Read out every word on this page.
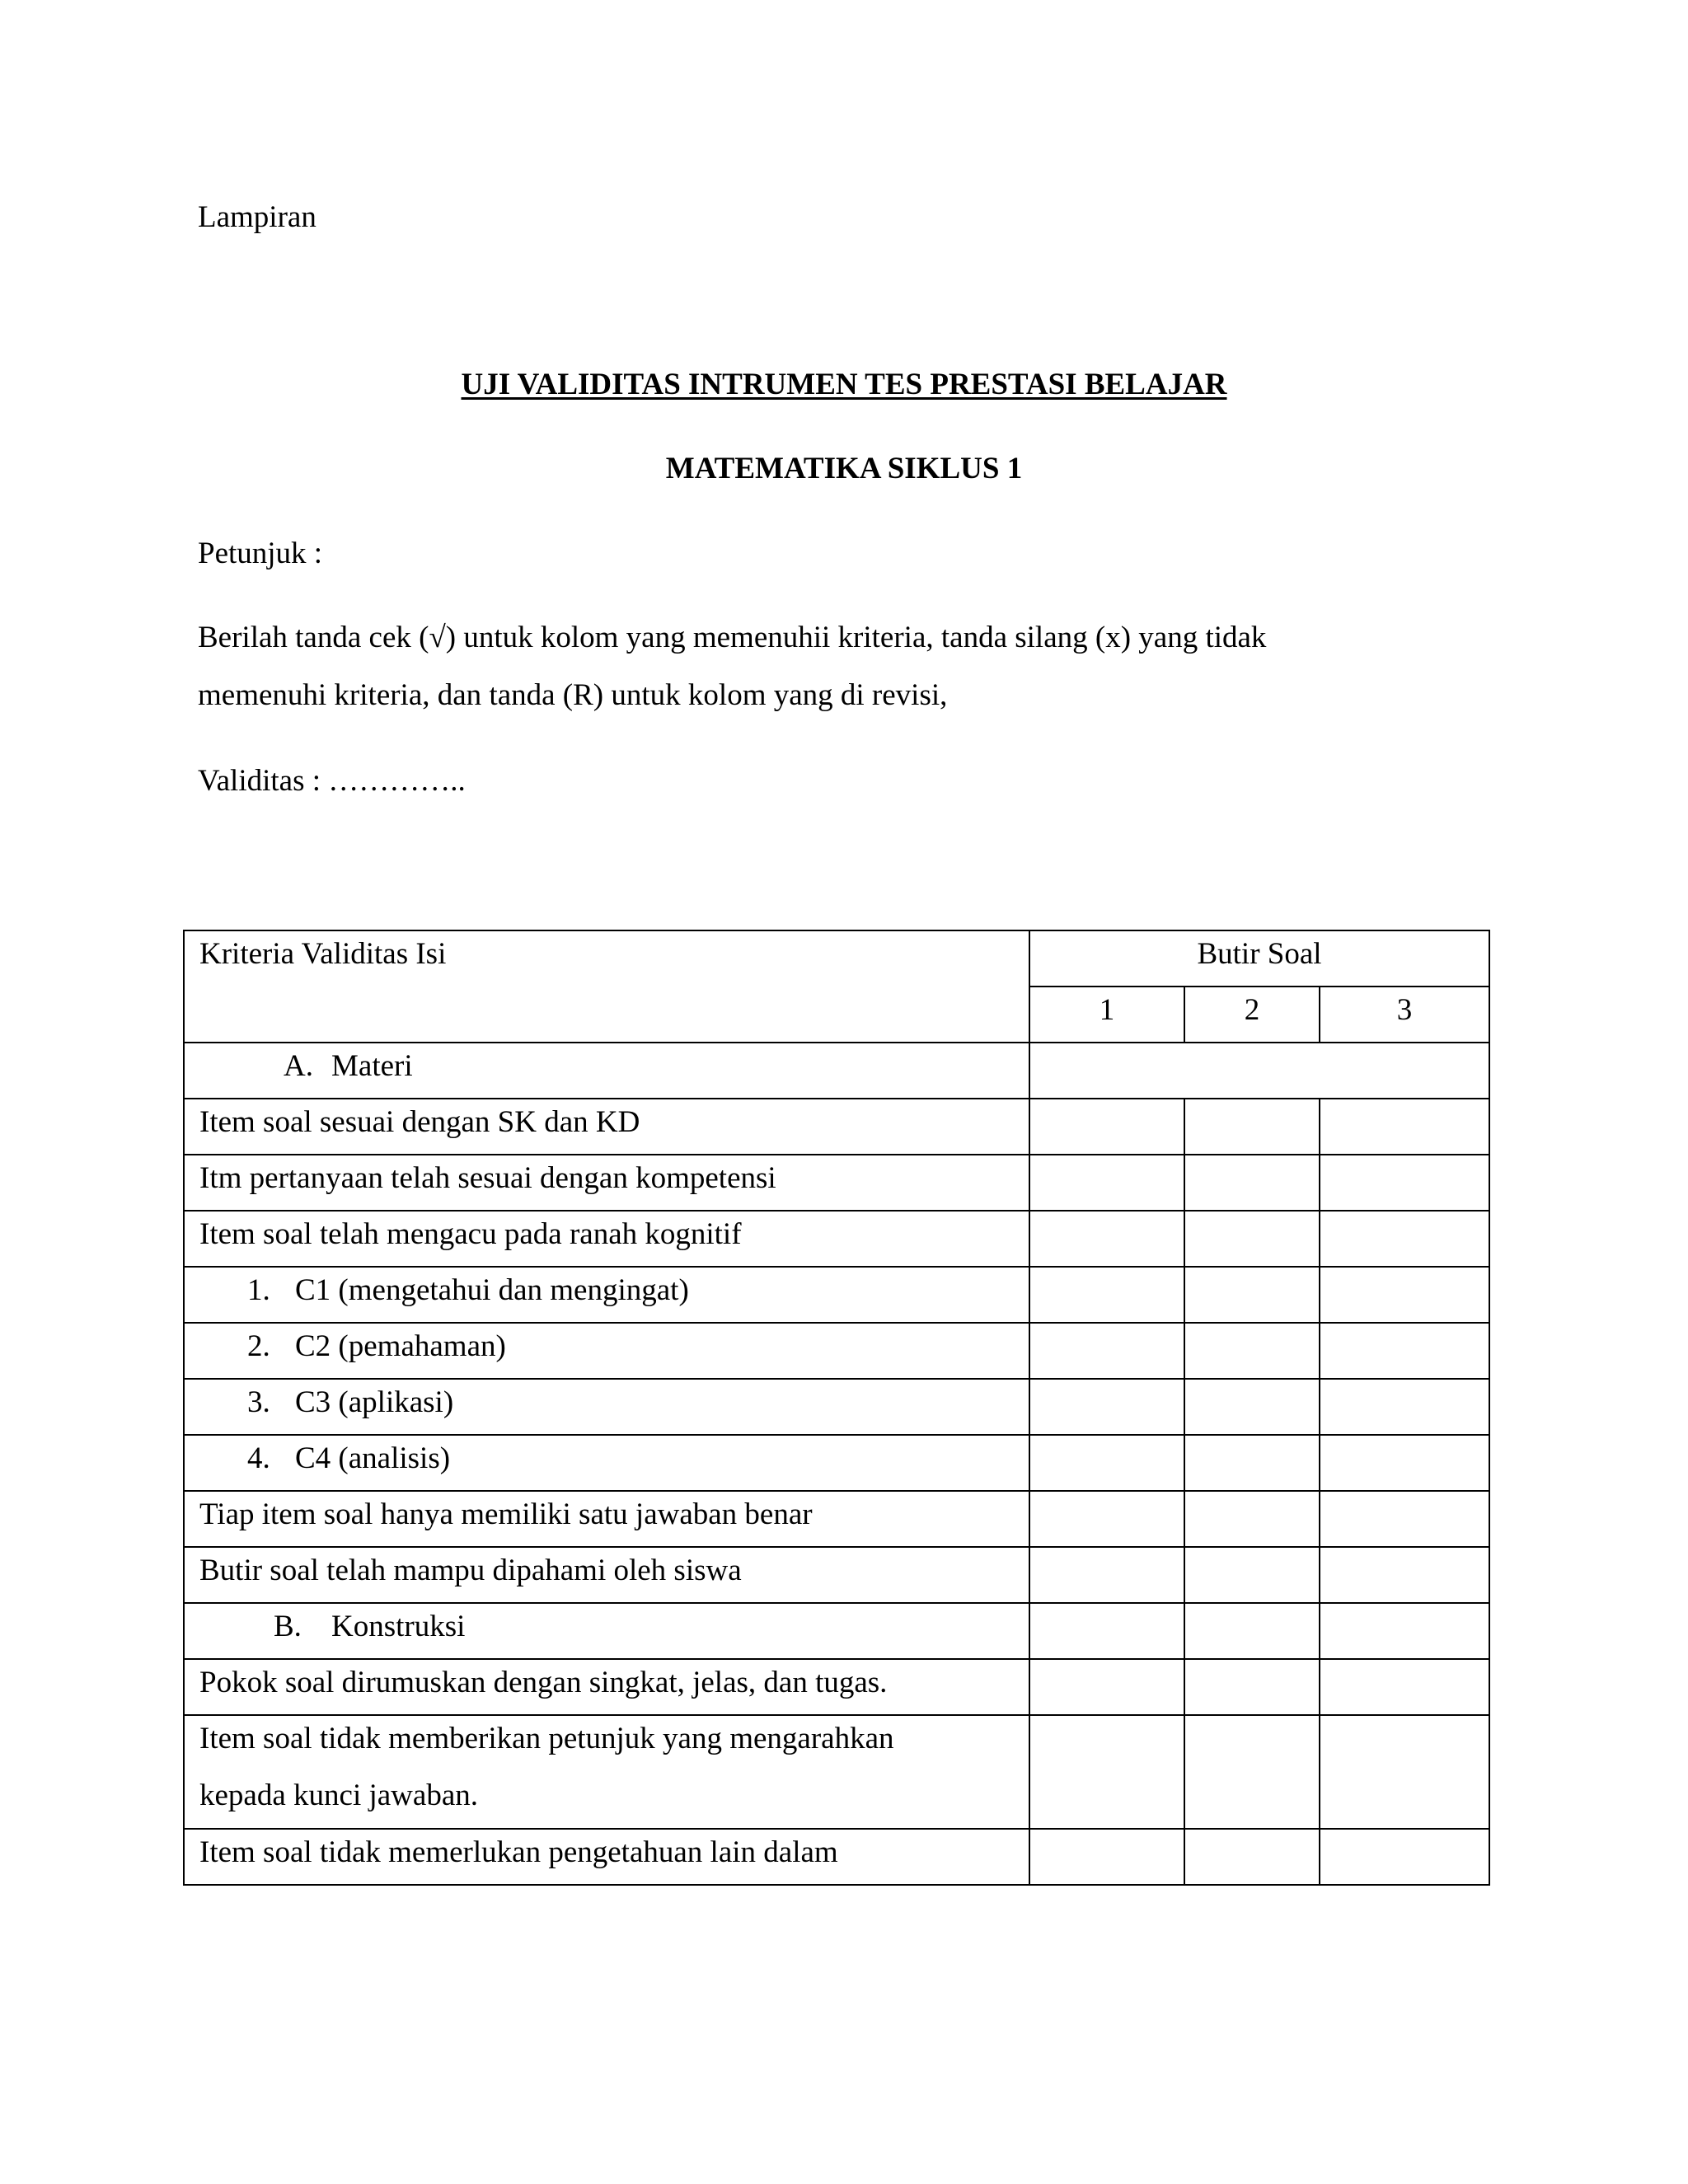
Lampiran
UJI VALIDITAS INTRUMEN TES PRESTASI BELAJAR
MATEMATIKA SIKLUS 1
Petunjuk :
Berilah tanda cek (√) untuk kolom yang memenuhii kriteria, tanda silang (x) yang tidak
memenuhi kriteria, dan tanda (R) untuk kolom yang di revisi,
Validitas : …………..
Kriteria Validitas Isi	Butir Soal		

	1	2	3

A. Materi			

Item soal sesuai dengan SK dan KD			

Itm pertanyaan telah sesuai dengan kompetensi			

Item soal telah mengacu pada ranah kognitif			

1. C1 (mengetahui dan mengingat)			

2. C2 (pemahaman)			

3. C3 (aplikasi)			

4. C4 (analisis)			

Tiap item soal hanya memiliki satu jawaban benar			

Butir soal telah mampu dipahami oleh siswa			

B. Konstruksi			

Pokok soal dirumuskan dengan singkat, jelas, dan tugas.			

Item soal tidak memberikan petunjuk yang mengarahkan
kepada kunci jawaban.			

Item soal tidak memerlukan pengetahuan lain dalam			
